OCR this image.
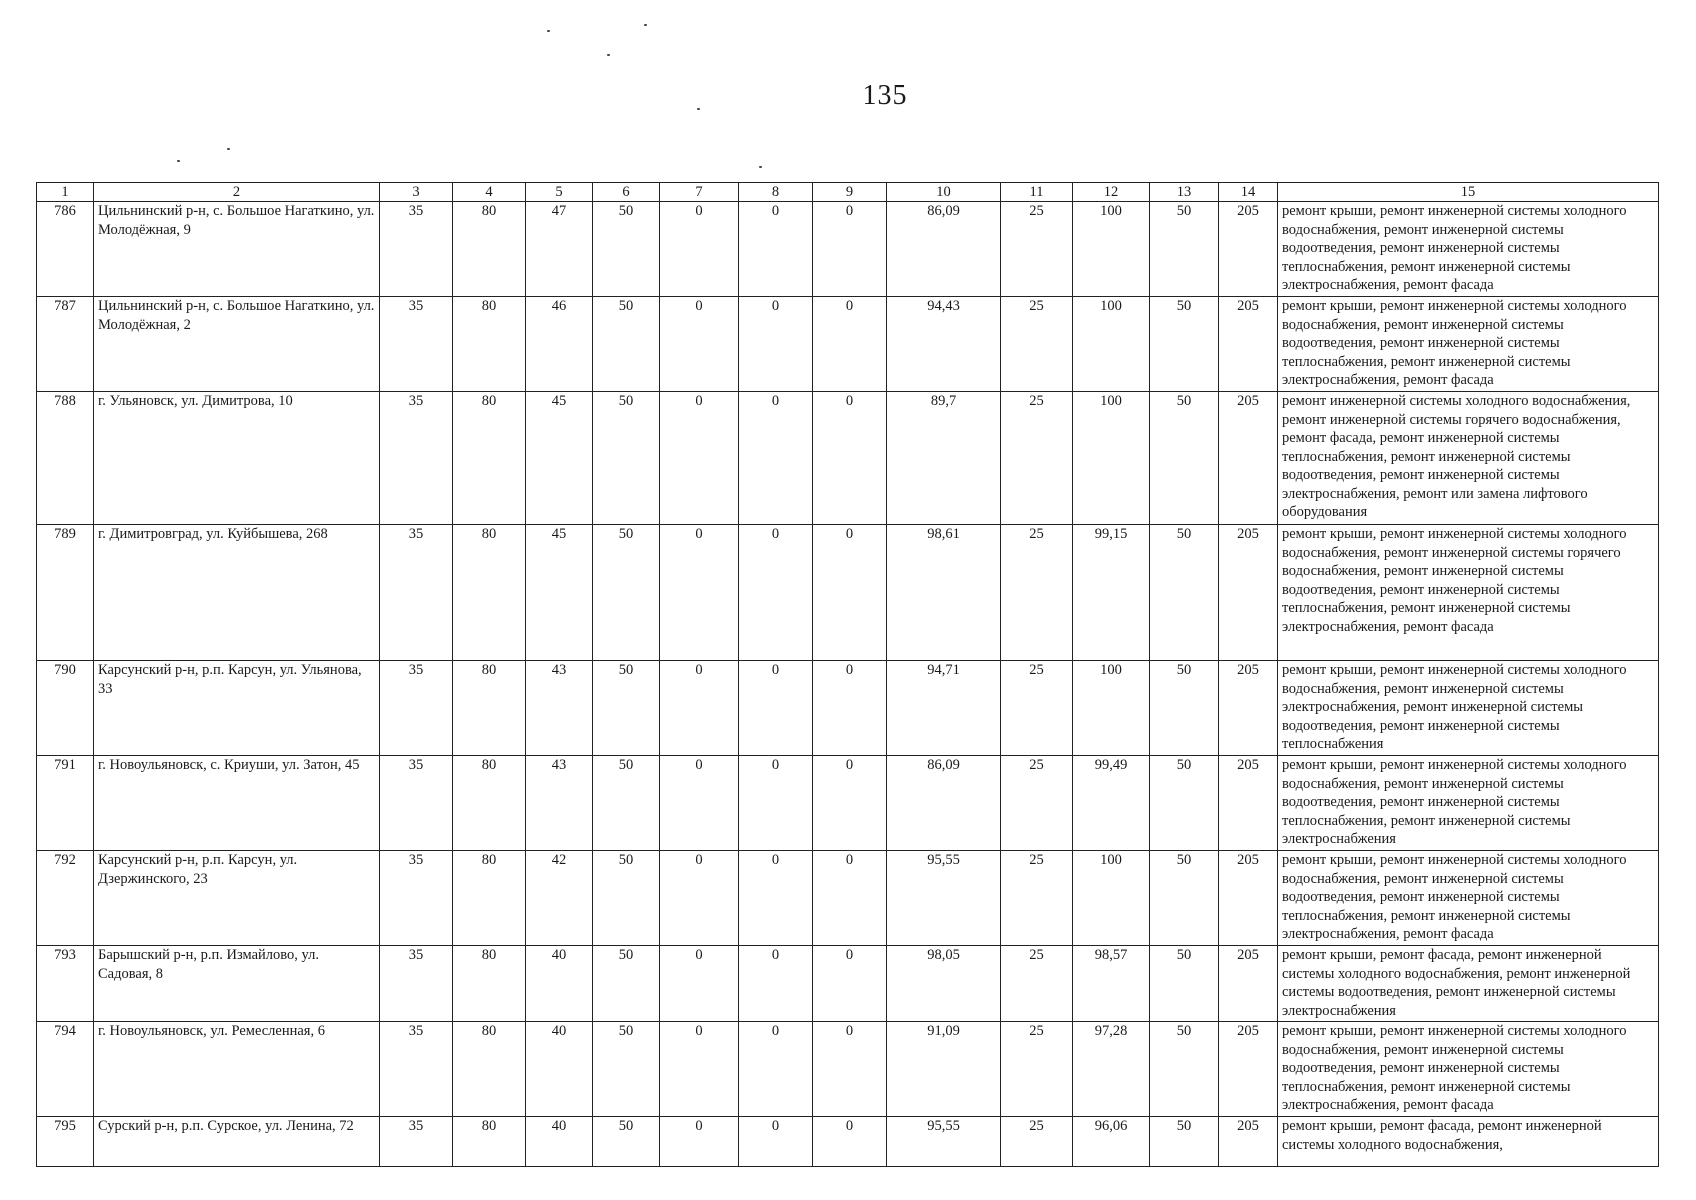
135
1	2	3	4	5	6	7	8	9	10	11	12	13	14	15
786	Цильнинский р-н, с. Большое Нагаткино, ул. Молодёжная, 9	35	80	47	50	0	0	0	86,09	25	100	50	205	ремонт крыши, ремонт инженерной системы холодного водоснабжения, ремонт инженерной системы водоотведения, ремонт инженерной системы теплоснабжения, ремонт инженерной системы электроснабжения, ремонт фасада
787	Цильнинский р-н, с. Большое Нагаткино, ул. Молодёжная, 2	35	80	46	50	0	0	0	94,43	25	100	50	205	ремонт крыши, ремонт инженерной системы холодного водоснабжения, ремонт инженерной системы водоотведения, ремонт инженерной системы теплоснабжения, ремонт инженерной системы электроснабжения, ремонт фасада
788	г. Ульяновск, ул. Димитрова, 10	35	80	45	50	0	0	0	89,7	25	100	50	205	ремонт инженерной системы холодного водоснабжения, ремонт инженерной системы горячего водоснабжения, ремонт фасада, ремонт инженерной системы теплоснабжения, ремонт инженерной системы водоотведения, ремонт инженерной системы электроснабжения, ремонт или замена лифтового оборудования
789	г. Димитровград, ул. Куйбышева, 268	35	80	45	50	0	0	0	98,61	25	99,15	50	205	ремонт крыши, ремонт инженерной системы холодного водоснабжения, ремонт инженерной системы горячего водоснабжения, ремонт инженерной системы водоотведения, ремонт инженерной системы теплоснабжения, ремонт инженерной системы электроснабжения, ремонт фасада
790	Карсунский р-н, р.п. Карсун, ул. Ульянова, 33	35	80	43	50	0	0	0	94,71	25	100	50	205	ремонт крыши, ремонт инженерной системы холодного водоснабжения, ремонт инженерной системы электроснабжения, ремонт инженерной системы водоотведения, ремонт инженерной системы теплоснабжения
791	г. Новоульяновск, с. Криуши, ул. Затон, 45	35	80	43	50	0	0	0	86,09	25	99,49	50	205	ремонт крыши, ремонт инженерной системы холодного водоснабжения, ремонт инженерной системы водоотведения, ремонт инженерной системы теплоснабжения, ремонт инженерной системы электроснабжения
792	Карсунский р-н, р.п. Карсун, ул. Дзержинского, 23	35	80	42	50	0	0	0	95,55	25	100	50	205	ремонт крыши, ремонт инженерной системы холодного водоснабжения, ремонт инженерной системы водоотведения, ремонт инженерной системы теплоснабжения, ремонт инженерной системы электроснабжения, ремонт фасада
793	Барышский р-н, р.п. Измайлово, ул. Садовая, 8	35	80	40	50	0	0	0	98,05	25	98,57	50	205	ремонт крыши, ремонт фасада, ремонт инженерной системы холодного водоснабжения, ремонт инженерной системы водоотведения, ремонт инженерной системы электроснабжения
794	г. Новоульяновск, ул. Ремесленная, 6	35	80	40	50	0	0	0	91,09	25	97,28	50	205	ремонт крыши, ремонт инженерной системы холодного водоснабжения, ремонт инженерной системы водоотведения, ремонт инженерной системы теплоснабжения, ремонт инженерной системы электроснабжения, ремонт фасада
795	Сурский р-н, р.п. Сурское, ул. Ленина, 72	35	80	40	50	0	0	0	95,55	25	96,06	50	205	ремонт крыши, ремонт фасада, ремонт инженерной системы холодного водоснабжения,
